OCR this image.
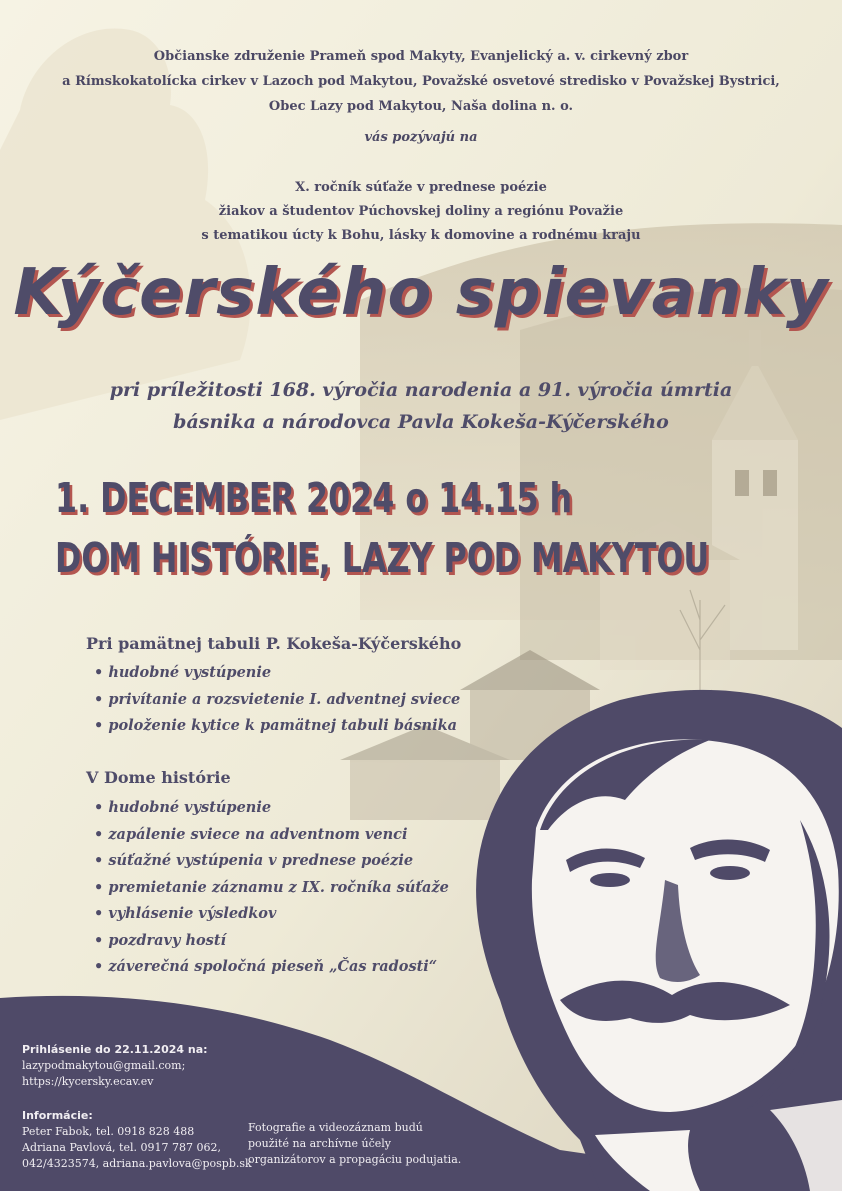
Občianske združenie Prameň spod Makyty, Evanjelický a. v. cirkevný zbor
a Rímskokatolícka cirkev v Lazoch pod Makytou, Považské osvetové stredisko v Považskej Bystrici,
Obec Lazy pod Makytou, Naša dolina n. o.
vás pozývajú na
X. ročník súťaže v prednese poézie
žiakov a študentov Púchovskej doliny a regiónu Považie
s tematikou úcty k Bohu, lásky k domovine a rodnému kraju
Kýčerského spievanky
pri príležitosti 168. výročia narodenia a 91. výročia úmrtia
básnika a národovca Pavla Kokeša-Kýčerského
1. DECEMBER 2024 o 14.15 h
DOM HISTÓRIE, LAZY POD MAKYTOU
Pri pamätnej tabuli P. Kokeša-Kýčerského
• hudobné vystúpenie
• privítanie a rozsvietenie I. adventnej sviece
• položenie kytice k pamätnej tabuli básnika
V Dome histórie
• hudobné vystúpenie
• zapálenie sviece na adventnom venci
• súťažné vystúpenia v prednese poézie
• premietanie záznamu z IX. ročníka súťaže
• vyhlásenie výsledkov
• pozdravy hostí
• záverečná spoločná pieseň „Čas radosti“
Prihlásenie do 22.11.2024 na:
lazypodmakytou@gmail.com;
https://kycersky.ecav.ev
Informácie:
Peter Fabok, tel. 0918 828 488
Adriana Pavlová, tel. 0917 787 062,
042/4323574, adriana.pavlova@pospb.sk
Fotografie a videozáznam budú
použité na archívne účely
organizátorov a propagáciu podujatia.
